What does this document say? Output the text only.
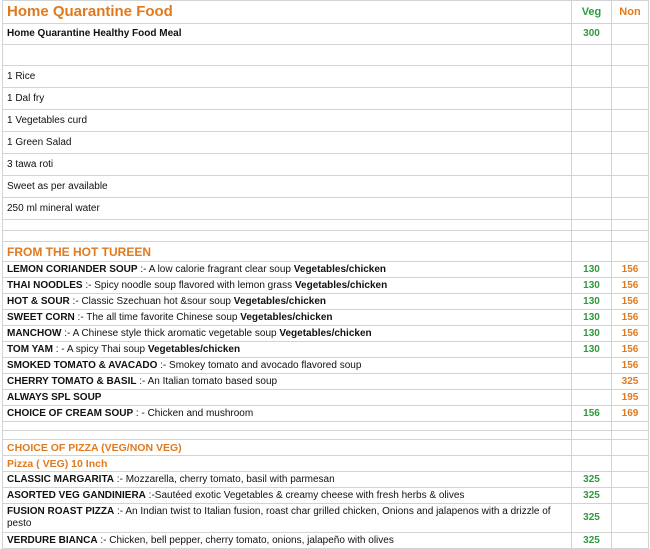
Home Quarantine Food	Veg	Non
Home Quarantine Healthy Food Meal	300	

1 Rice		
1 Dal fry		
1 Vegetables curd		
1 Green Salad		
3 tawa roti		
Sweet as per available		
250 ml mineral water		

FROM THE HOT TUREEN		
LEMON CORIANDER SOUP :- A low calorie fragrant clear soup Vegetables/chicken	130	156
THAI NOODLES :- Spicy noodle soup flavored with lemon grass Vegetables/chicken	130	156
HOT & SOUR :- Classic Szechuan hot &sour soup Vegetables/chicken	130	156
SWEET CORN :- The all time favorite Chinese soup Vegetables/chicken	130	156
MANCHOW :- A Chinese style thick aromatic vegetable soup Vegetables/chicken	130	156
TOM YAM : - A spicy Thai soup Vegetables/chicken	130	156
SMOKED TOMATO & AVACADO :- Smokey tomato and avocado flavored soup		156
CHERRY TOMATO & BASIL :- An Italian tomato based soup		325
ALWAYS SPL SOUP		195
CHOICE OF CREAM SOUP : - Chicken and mushroom	156	169

CHOICE OF PIZZA (VEG/NON VEG)		
Pizza ( VEG) 10 Inch		
CLASSIC MARGARITA :- Mozzarella, cherry tomato, basil with parmesan	325	
ASORTED VEG GANDINIERA :-Sautéed exotic Vegetables & creamy cheese with fresh herbs & olives	325	
FUSION ROAST PIZZA :- An Indian twist to Italian fusion, roast char grilled chicken, Onions and jalapenos with a drizzle of pesto	325	
VERDURE BIANCA :- Chicken, bell pepper, cherry tomato, onions, jalapeño with olives	325	
